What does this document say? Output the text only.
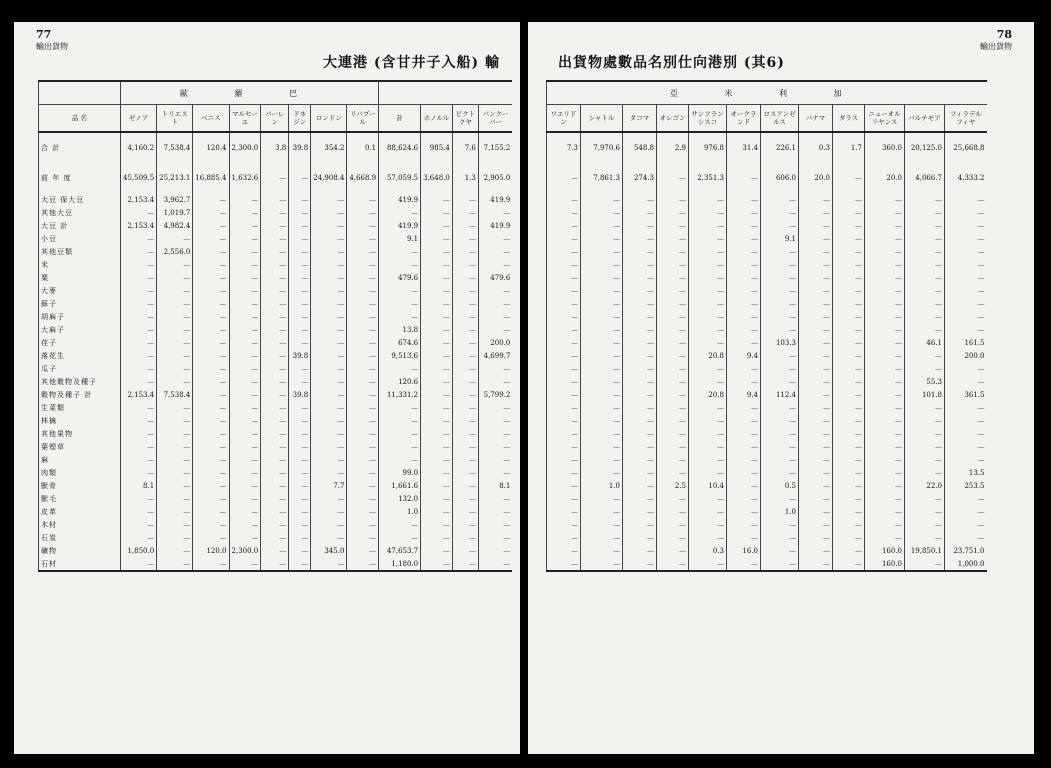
77
輸出貨物
大連港 (含甘井子入船) 輸
	歐 羅 巴											
品 名	ゼノア	トリエスト	ベニス	マルセーユ	バーレン	ドネジン	ロンドン	リバプール	計	ホノルル	ビクトクヤ	バンクーバー
合 計	4,160.2	7,538.4	120.4	2,300.0	3.8	39.8	354.2	0.1	88,624.6	985.4	7.6	7,155.2
前 年 度	45,509.5	25,213.1	16,885.4	1,632.6	—	—	24,908.4	4,668.9	57,059.5	3,648.0	1.3	2,905.0
大豆 保大豆	2,153.4	3,962.7	—	—	—	—	—	—	419.9	—	—	419.9
其他大豆	—	1,019.7	—	—	—	—	—	—	—	—	—	—
大豆 計	2,153.4	4,982.4	—	—	—	—	—	—	419.9	—	—	419.9
小豆	—	—	—	—	—	—	—	—	9.1	—	—	—
其他豆類	—	2,556.0	—	—	—	—	—	—	—	—	—	—
米	—	—	—	—	—	—	—	—	—	—	—	—
粟	—	—	—	—	—	—	—	—	479.6	—	—	479.6
大麥	—	—	—	—	—	—	—	—	—	—	—	—
蘇子	—	—	—	—	—	—	—	—	—	—	—	—
胡麻子	—	—	—	—	—	—	—	—	—	—	—	—
大麻子	—	—	—	—	—	—	—	—	13.8	—	—	—
荏子	—	—	—	—	—	—	—	—	674.6	—	—	200.0
落花生	—	—	—	—	—	39.8	—	—	9,513.6	—	—	4,699.7
瓜子	—	—	—	—	—	—	—	—	—	—	—	—
其他穀物及種子	—	—	—	—	—	—	—	—	120.6	—	—	—
穀物及種子 計	2,153.4	7,538.4	—	—	—	39.8	—	—	11,331.2	—	—	5,799.2
生菜類	—	—	—	—	—	—	—	—	—	—	—	—
林檎	—	—	—	—	—	—	—	—	—	—	—	—
其他果物	—	—	—	—	—	—	—	—	—	—	—	—
葉煙草	—	—	—	—	—	—	—	—	—	—	—	—
麻	—	—	—	—	—	—	—	—	—	—	—	—
肉類	—	—	—	—	—	—	—	—	99.0	—	—	—
獸骨	8.1	—	—	—	—	—	7.7	—	1,661.6	—	—	8.1
獸毛	—	—	—	—	—	—	—	—	132.0	—	—	—
皮革	—	—	—	—	—	—	—	—	1.0	—	—	—
木材	—	—	—	—	—	—	—	—	—	—	—	—
石炭	—	—	—	—	—	—	—	—	—	—	—	—
礦物	1,850.0	—	120.0	2,300.0	—	—	345.0	—	47,653.7	—	—	—
石材	—	—	—	—	—	—	—	—	1,180.0	—	—	—
78
輸出貨物
出貨物處數品名別仕向港別 (其6)
亞 米 利 加											
ワエリドン	シャトル	タコマ	オレゴン	サンフランシスコ	オークランド	ロスアンゼルス	パナマ	ダラス	ニューオルリヤンス	バルチモア	フィラデルフィヤ
7.3	7,970.6	548.8	2.9	976.8	31.4	226.1	0.3	1.7	360.0	20,125.0	25,668.8
—	7,861.3	274.3	—	2,351.3	—	606.0	20.0	—	20.0	4,066.7	4,333.2
—	—	—	—	—	—	—	—	—	—	—	—
—	—	—	—	—	—	—	—	—	—	—	—
—	—	—	—	—	—	—	—	—	—	—	—
—	—	—	—	—	—	9.1	—	—	—	—	—
—	—	—	—	—	—	—	—	—	—	—	—
—	—	—	—	—	—	—	—	—	—	—	—
—	—	—	—	—	—	—	—	—	—	—	—
—	—	—	—	—	—	—	—	—	—	—	—
—	—	—	—	—	—	—	—	—	—	—	—
—	—	—	—	—	—	—	—	—	—	—	—
—	—	—	—	—	—	—	—	—	—	—	—
—	—	—	—	—	—	103.3	—	—	—	46.1	161.5
—	—	—	—	20.8	9.4	—	—	—	—	—	200.0
—	—	—	—	—	—	—	—	—	—	—	—
—	—	—	—	—	—	—	—	—	—	55.3	—
—	—	—	—	20.8	9.4	112.4	—	—	—	101.8	361.5
—	—	—	—	—	—	—	—	—	—	—	—
—	—	—	—	—	—	—	—	—	—	—	—
—	—	—	—	—	—	—	—	—	—	—	—
—	—	—	—	—	—	—	—	—	—	—	—
—	—	—	—	—	—	—	—	—	—	—	—
—	—	—	—	—	—	—	—	—	—	—	13.5
—	1.0	—	2.5	10.4	—	0.5	—	—	—	22.0	253.5
—	—	—	—	—	—	—	—	—	—	—	—
—	—	—	—	—	—	1.0	—	—	—	—	—
—	—	—	—	—	—	—	—	—	—	—	—
—	—	—	—	—	—	—	—	—	—	—	—
—	—	—	—	0.3	16.0	—	—	—	160.0	19,850.1	23,751.0
—	—	—	—	—	—	—	—	—	160.0	—	1,000.0
